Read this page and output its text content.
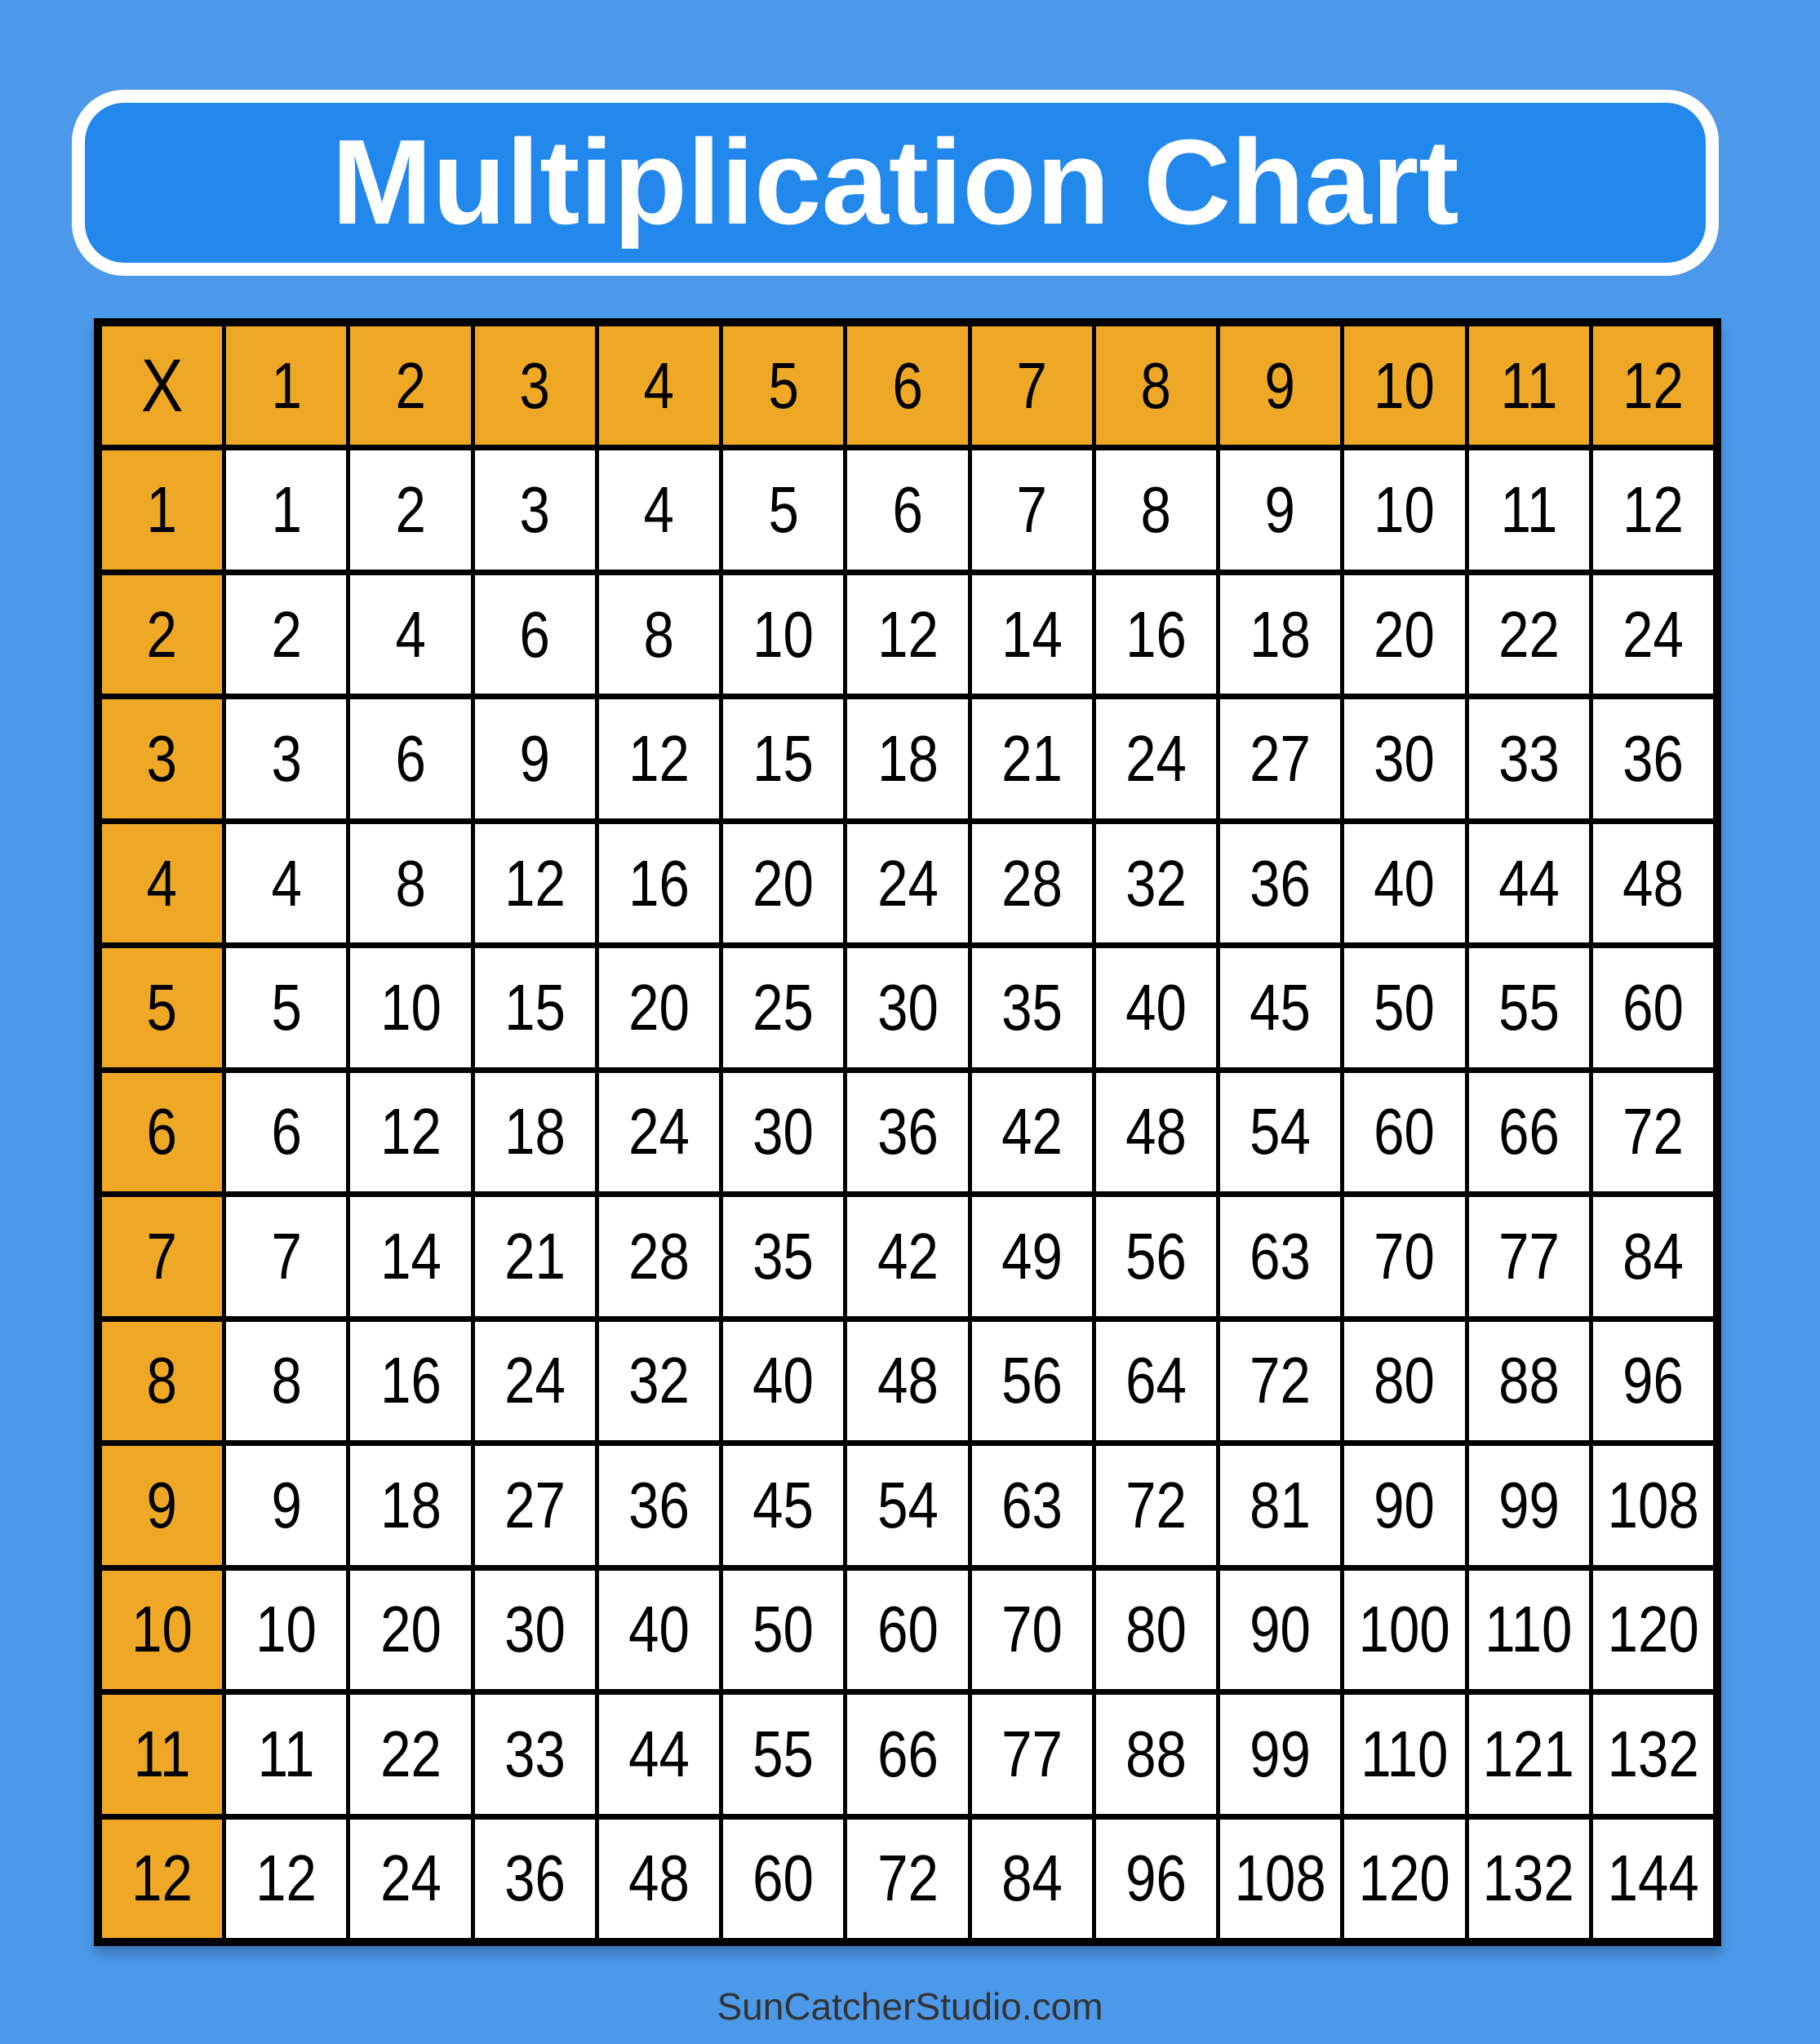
Multiplication Chart
X 1 2 3 4 5 6 7 8 9 10 11 12
1 1 2 3 4 5 6 7 8 9 10 11 12
2 2 4 6 8 10 12 14 16 18 20 22 24
3 3 6 9 12 15 18 21 24 27 30 33 36
4 4 8 12 16 20 24 28 32 36 40 44 48
5 5 10 15 20 25 30 35 40 45 50 55 60
6 6 12 18 24 30 36 42 48 54 60 66 72
7 7 14 21 28 35 42 49 56 63 70 77 84
8 8 16 24 32 40 48 56 64 72 80 88 96
9 9 18 27 36 45 54 63 72 81 90 99 108
10 10 20 30 40 50 60 70 80 90 100 110 120
11 11 22 33 44 55 66 77 88 99 110 121 132
12 12 24 36 48 60 72 84 96 108 120 132 144
SunCatcherStudio.com
